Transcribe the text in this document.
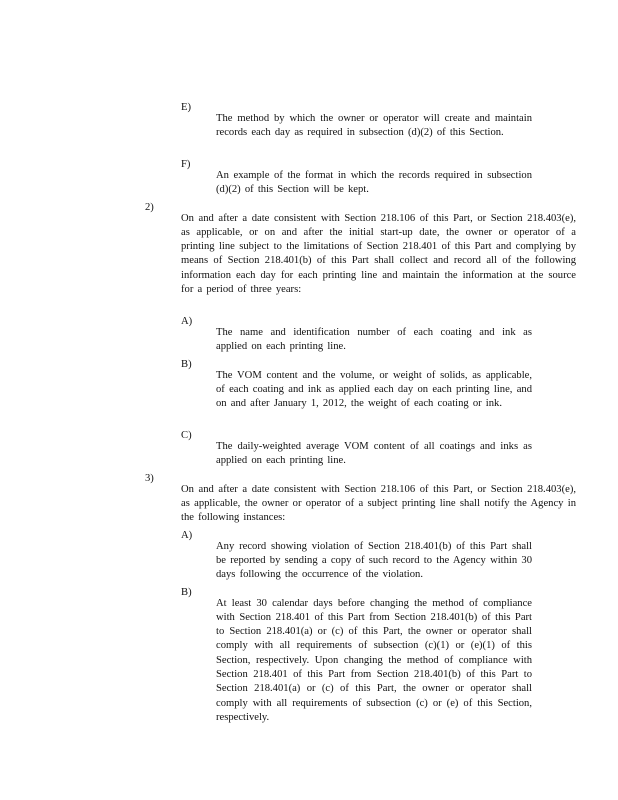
E)

The method by which the owner or operator will create and maintain records each day as required in subsection (d)(2) of this Section.

F)

An example of the format in which the records required in subsection (d)(2) of this Section will be kept.

2)

On and after a date consistent with Section 218.106 of this Part, or Section 218.403(e), as applicable, or on and after the initial start-up date, the owner or operator of a printing line subject to the limitations of Section 218.401 of this Part and complying by means of Section 218.401(b) of this Part shall collect and record all of the following information each day for each printing line and maintain the information at the source for a period of three years:

A)

The name and identification number of each coating and ink as applied on each printing line.

B)

The VOM content and the volume, or weight of solids, as applicable, of each coating and ink as applied each day on each printing line, and on and after January 1, 2012, the weight of each coating or ink.

C)

The daily-weighted average VOM content of all coatings and inks as applied on each printing line.

3)

On and after a date consistent with Section 218.106 of this Part, or Section 218.403(e), as applicable, the owner or operator of a subject printing line shall notify the Agency in the following instances:

A)

Any record showing violation of Section 218.401(b) of this Part shall be reported by sending a copy of such record to the Agency within 30 days following the occurrence of the violation.

B)

At least 30 calendar days before changing the method of compliance with Section 218.401 of this Part from Section 218.401(b) of this Part to Section 218.401(a) or (c) of this Part, the owner or operator shall comply with all requirements of subsection (c)(1) or (e)(1) of this Section, respectively. Upon changing the method of compliance with Section 218.401 of this Part from Section 218.401(b) of this Part to Section 218.401(a) or (c) of this Part, the owner or operator shall comply with all requirements of subsection (c) or (e) of this Section, respectively.
